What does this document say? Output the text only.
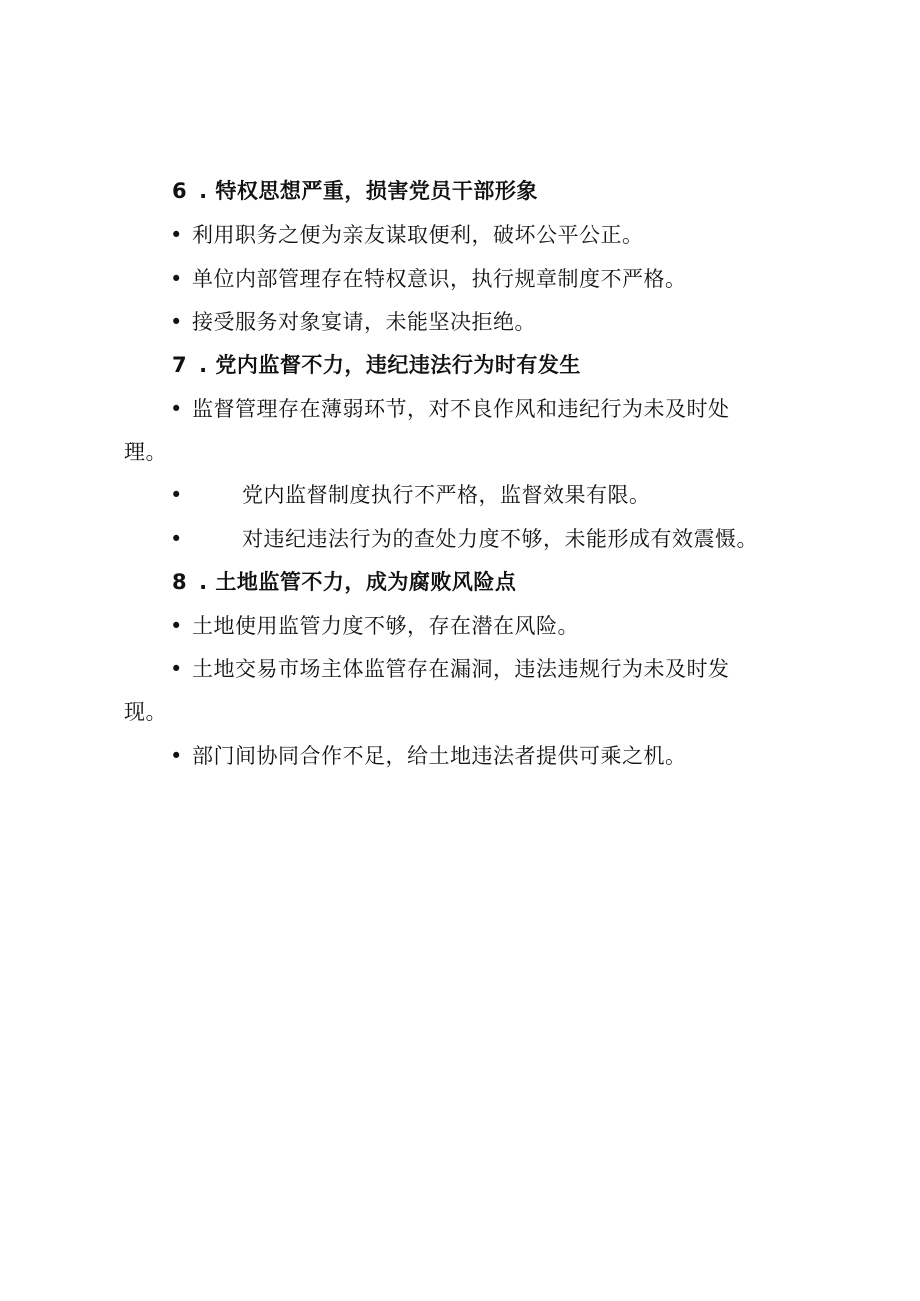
6 . 特权思想严重，损害党员干部形象
• 利用职务之便为亲友谋取便利，破坏公平公正。
• 单位内部管理存在特权意识，执行规章制度不严格。
• 接受服务对象宴请，未能坚决拒绝。
7 . 党内监督不力，违纪违法行为时有发生
• 监督管理存在薄弱环节，对不良作风和违纪行为未及时处
理。
•	党内监督制度执行不严格，监督效果有限。
•	对违纪违法行为的查处力度不够，未能形成有效震慑。
8 . 土地监管不力，成为腐败风险点
• 土地使用监管力度不够，存在潜在风险。
• 土地交易市场主体监管存在漏洞，违法违规行为未及时发
现。
• 部门间协同合作不足，给土地违法者提供可乘之机。
